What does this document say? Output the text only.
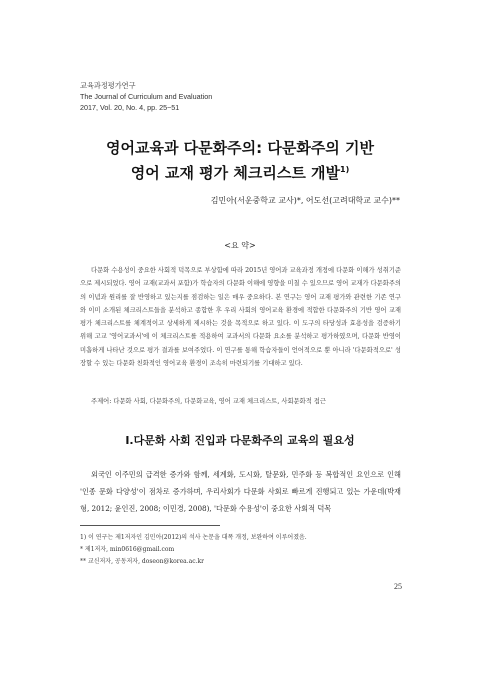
교육과정평가연구
The Journal of Curriculum and Evaluation
2017, Vol. 20, No. 4, pp. 25~51
영어교육과 다문화주의: 다문화주의 기반
영어 교재 평가 체크리스트 개발$^{1)}$
김민아(서운중학교 교사)*, 어도선(고려대학교 교수)**
<요 약>

다문화 수용성이 중요한 사회적 덕목으로 부상함에 따라 2015년 영어과 교육과정 개정에 다문화 이해가 성취기준으로 제시되었다. 영어 교재(교과서 포함)가 학습자의 다문화 이해에 영향을 미칠 수 있으므로 영어 교재가 다문화주의의 이념과 원리를 잘 반영하고 있는지를 점검하는 일은 매우 중요하다. 본 연구는 영어 교재 평가와 관련한 기존 연구와 이미 소개된 체크리스트들을 분석하고 종합한 후 우리 사회의 영어교육 환경에 적합한 다문화주의 기반 영어 교재 평가 체크리스트를 체계적이고 상세하게 제시하는 것을 목적으로 하고 있다. 이 도구의 타당성과 효용성을 검증하기 위해 고교 '영어교과서'에 이 체크리스트를 적용하여 교과서의 다문화 요소를 분석하고 평가하였으며, 다문화 반영이 미흡하게 나타난 것으로 평가 결과를 보여주었다. 이 연구를 통해 학습자들이 언어적으로 뿐 아니라 '다문화적으로' 성장할 수 있는 다문화 친화적인 영어교육 환경이 조속히 마련되기를 기대하고 있다.

주제어: 다문화 사회, 다문화주의, 다문화교육, 영어 교재 체크리스트, 사회문화적 접근
Ⅰ.다문화 사회 진입과 다문화주의 교육의 필요성

외국인 이주민의 급격한 증가와 함께, 세계화, 도시화, 탈문화, 민주화 등 복합적인 요인으로 인해 '인종 문화 다양성'이 점차로 증가하며, 우리사회가 다문화 사회로 빠르게 진행되고 있는 가운데(박재형, 2012; 윤인진, 2008; 이민경, 2008), '다문화 수용성'이 중요한 사회적 덕목

1) 이 연구는 제1저자인 김민아(2012)의 석사 논문을 대폭 개정, 보완하여 이루어졌음.
* 제1저자, min0616@gmail.com
** 교신저자, 공동저자, doseon@korea.ac.kr
25
